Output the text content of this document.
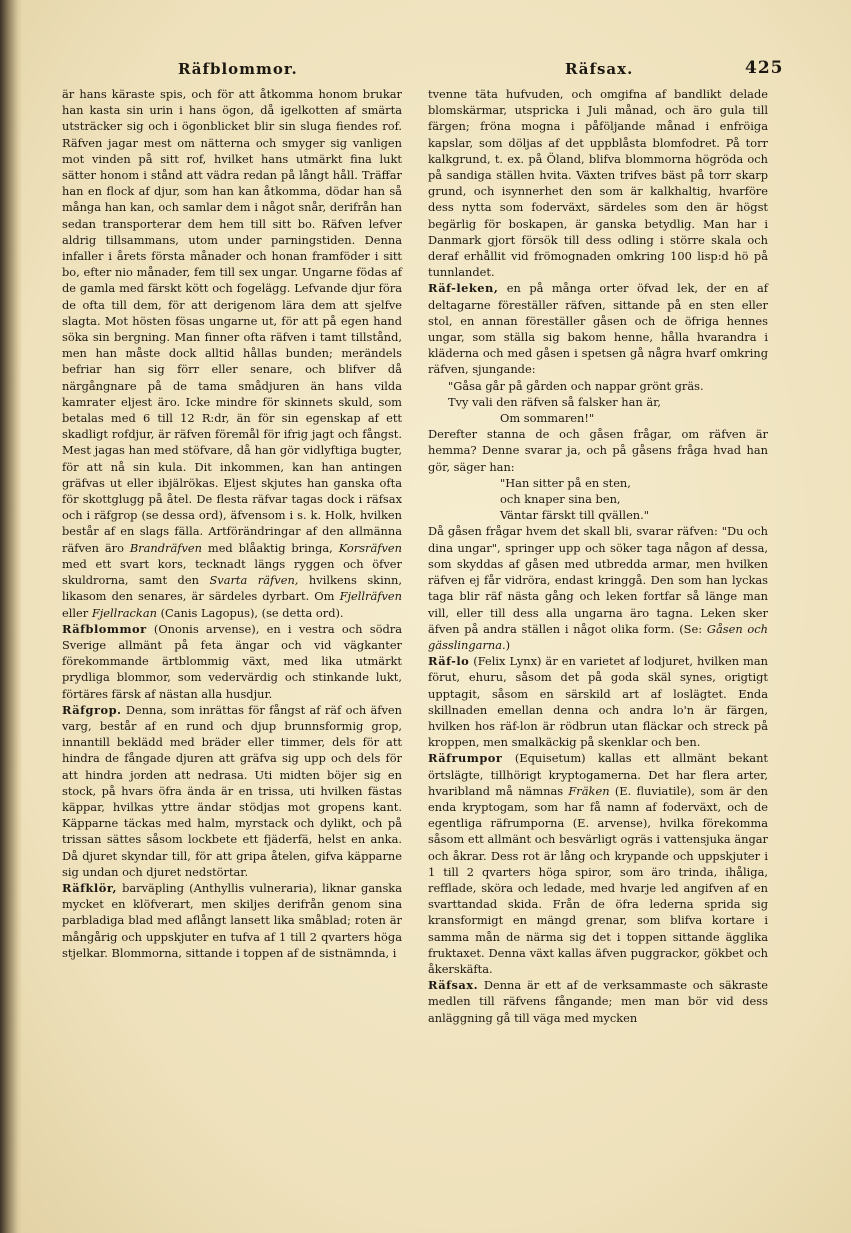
Räfblommor.	Räfsax.	425

är hans käraste spis, och för att åtkomma honom brukar han kasta sin urin i hans ögon, då igelkotten af smärta utsträcker sig och i ögonblicket blir sin sluga fiendes rof. Räfven jagar mest om nätterna och smyger sig vanligen mot vinden på sitt rof, hvilket hans utmärkt fina lukt sätter honom i stånd att vädra redan på långt håll. Träffar han en flock af djur, som han kan åtkomma, dödar han så många han kan, och samlar dem i något snår, derifrån han sedan transporterar dem hem till sitt bo. Räfven lefver aldrig tillsammans, utom under parningstiden. Denna infaller i årets första månader och honan framföder i sitt bo, efter nio månader, fem till sex ungar. Ungarne födas af de gamla med färskt kött och fogelägg. Lefvande djur föra de ofta till dem, för att derigenom lära dem att sjelfve slagta. Mot hösten fösas ungarne ut, för att på egen hand söka sin bergning. Man finner ofta räfven i tamt tillstånd, men han måste dock alltid hållas bunden; merändels befriar han sig förr eller senare, och blifver då närgångnare på de tama smådjuren än hans vilda kamrater eljest äro. Icke mindre för skinnets skuld, som betalas med 6 till 12 R:dr, än för sin egenskap af ett skadligt rofdjur, är räfven föremål för ifrig jagt och fångst. Mest jagas han med stöfvare, då han gör vidlyftiga bugter, för att nå sin kula. Dit inkommen, kan han antingen gräfvas ut eller ibjälrökas. Eljest skjutes han ganska ofta för skottglugg på åtel. De flesta räfvar tagas dock i räfsax och i räfgrop (se dessa ord), äfvensom i s. k. Holk, hvilken består af en slags fälla. Artförändringar af den allmänna räfven äro Brandräfven med blåaktig bringa, Korsräfven med ett svart kors, tecknadt längs ryggen och öfver skuldrorna, samt den Svarta räfven, hvilkens skinn, likasom den senares, är särdeles dyrbart. Om Fjellräfven eller Fjellrackan (Canis Lagopus), (se detta ord).

Räfblommor (Ononis arvense), en i vestra och södra Sverige allmänt på feta ängar och vid vägkanter förekommande ärtblommig växt, med lika utmärkt prydliga blommor, som vedervärdig och stinkande lukt, förtäres färsk af nästan alla husdjur.

Räfgrop. Denna, som inrättas för fångst af räf och äfven varg, består af en rund och djup brunnsformig grop, innantill beklädd med bräder eller timmer, dels för att hindra de fångade djuren att gräfva sig upp och dels för att hindra jorden att nedrasa. Uti midten böjer sig en stock, på hvars öfra ända är en trissa, uti hvilken fästas käppar, hvilkas yttre ändar stödjas mot gropens kant. Käpparne täckas med halm, myrstack och dylikt, och på trissan sättes såsom lockbete ett fjäderfä, helst en anka. Då djuret skyndar till, för att gripa åtelen, gifva käpparne sig undan och djuret nedstörtar.

Räfklör, barväpling (Anthyllis vulneraria), liknar ganska mycket en klöfverart, men skiljes derifrån genom sina parbladiga blad med aflångt lansett lika småblad; roten är mångårig och uppskjuter en tufva af 1 till 2 qvarters höga stjelkar. Blommorna, sittande i toppen af de sistnämnda, i

tvenne täta hufvuden, och omgifna af bandlikt delade blomskärmar, utspricka i Juli månad, och äro gula till färgen; fröna mogna i påföljande månad i enfröiga kapslar, som döljas af det uppblåsta blomfodret. På torr kalkgrund, t. ex. på Öland, blifva blommorna högröda och på sandiga ställen hvita. Växten trifves bäst på torr skarp grund, och isynnerhet den som är kalkhaltig, hvarföre dess nytta som foderväxt, särdeles som den är högst begärlig för boskapen, är ganska betydlig. Man har i Danmark gjort försök till dess odling i större skala och deraf erhållit vid frömognaden omkring 100 lisp:d hö på tunnlandet.

Räf-leken, en på många orter öfvad lek, der en af deltagarne föreställer räfven, sittande på en sten eller stol, en annan föreställer gåsen och de öfriga hennes ungar, som ställa sig bakom henne, hålla hvarandra i kläderna och med gåsen i spetsen gå några hvarf omkring räfven, sjungande:

"Gåsa går på gården och nappar grönt gräs.

Tvy vali den räfven så falsker han är,

Om sommaren!"

Derefter stanna de och gåsen frågar, om räfven är hemma? Denne svarar ja, och på gåsens fråga hvad han gör, säger han:

"Han sitter på en sten,

och knaper sina ben,

Väntar färskt till qvällen."

Då gåsen frågar hvem det skall bli, svarar räfven: "Du och dina ungar", springer upp och söker taga någon af dessa, som skyddas af gåsen med utbredda armar, men hvilken räfven ej får vidröra, endast kringgå. Den som han lyckas taga blir räf nästa gång och leken fortfar så länge man vill, eller till dess alla ungarna äro tagna. Leken sker äfven på andra ställen i något olika form. (Se: Gåsen och gässlingarna.)

Räf-lo (Felix Lynx) är en varietet af lodjuret, hvilken man förut, ehuru, såsom det på goda skäl synes, origtigt upptagit, såsom en särskild art af loslägtet. Enda skillnaden emellan denna och andra lo'n är färgen, hvilken hos räf-lon är rödbrun utan fläckar och streck på kroppen, men smalkäckig på skenklar och ben.

Räfrumpor (Equisetum) kallas ett allmänt bekant örtslägte, tillhörigt kryptogamerna. Det har flera arter, hvaribland må nämnas Fräken (E. fluviatile), som är den enda kryptogam, som har få namn af foderväxt, och de egentliga räfrumporna (E. arvense), hvilka förekomma såsom ett allmänt och besvärligt ogräs i vattensjuka ängar och åkrar. Dess rot är lång och krypande och uppskjuter i 1 till 2 qvarters höga spiror, som äro trinda, ihåliga, refflade, sköra och ledade, med hvarje led angifven af en svarttandad skida. Från de öfrа lederna sprida sig kransformigt en mängd grenar, som blifva kortare i samma mån de närma sig det i toppen sittande ägglika fruktaxet. Denna växt kallas äfven puggrackor, gökbet och åkerskäfta.

Räfsax. Denna är ett af de verksammaste och säkraste medlen till räfvens fångande; men man bör vid dess anläggning gå till väga med mycken
